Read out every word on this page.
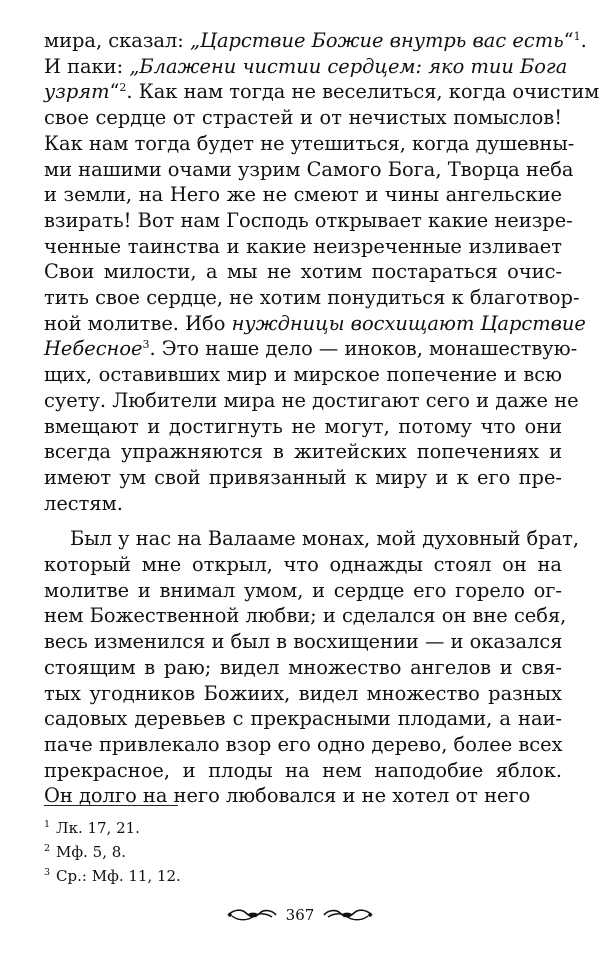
мира, сказал: „Царствие Божие внутрь вас есть“$^1$.
И паки: „Блажени чистии сердцем: яко тии Бога
узрят“$^2$. Как нам тогда не веселиться, когда очистим
свое сердце от страстей и от нечистых помыслов!
Как нам тогда будет не утешиться, когда душевны-
ми нашими очами узрим Самого Бога, Творца неба
и земли, на Него же не смеют и чины ангельские
взирать! Вот нам Господь открывает какие неизре-
ченные таинства и какие неизреченные изливает
Свои милости, а мы не хотим постараться очис-
тить свое сердце, не хотим понудиться к благотвор-
ной молитве. Ибо нуждницы восхищают Царствие
Небесное$^3$. Это наше дело — иноков, монашествую-
щих, оставивших мир и мирское попечение и всю
суету. Любители мира не достигают сего и даже не
вмещают и достигнуть не могут, потому что они
всегда упражняются в житейских попечениях и
имеют ум свой привязанный к миру и к его пре-
лестям.
Был у нас на Валааме монах, мой духовный брат,
который мне открыл, что однажды стоял он на
молитве и внимал умом, и сердце его горело ог-
нем Божественной любви; и сделался он вне себя,
весь изменился и был в восхищении — и оказался
стоящим в раю; видел множество ангелов и свя-
тых угодников Божиих, видел множество разных
садовых деревьев с прекрасными плодами, а наи-
паче привлекало взор его одно дерево, более всех
прекрасное, и плоды на нем наподобие яблок.
Он долго на него любовался и не хотел от него
$^1$ Лк. 17, 21.
$^2$ Мф. 5, 8.
$^3$ Ср.: Мф. 11, 12.
367
